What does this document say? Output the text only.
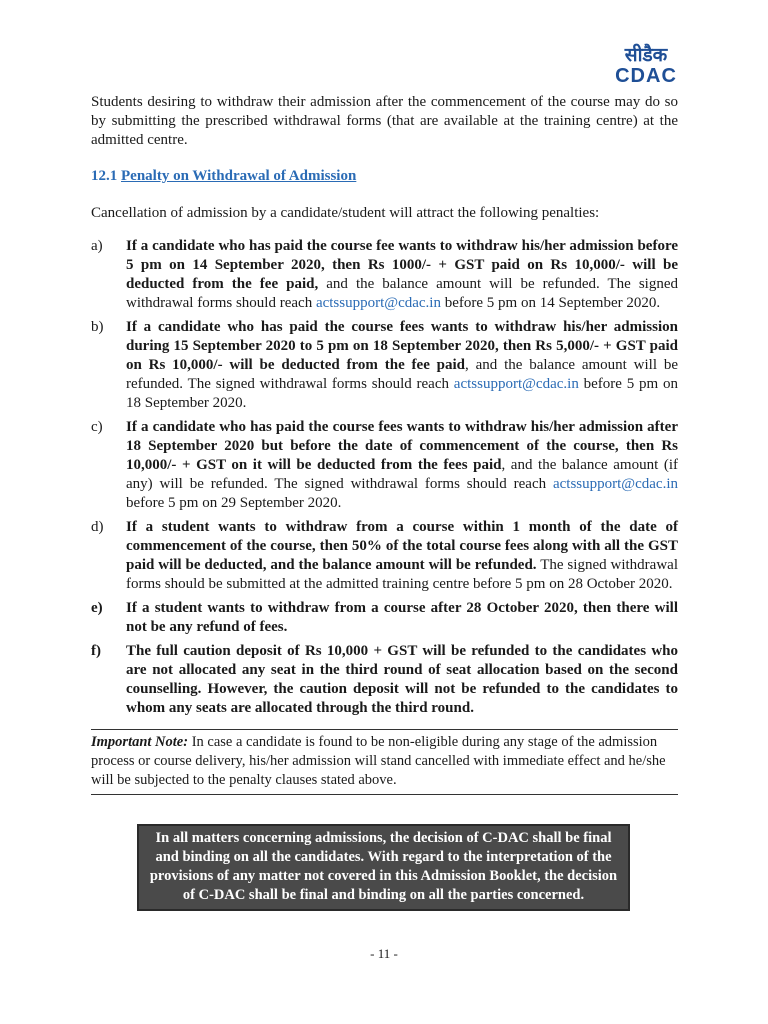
सीडैक
CDAC

Students desiring to withdraw their admission after the commencement of the course may do so by submitting the prescribed withdrawal forms (that are available at the training centre) at the admitted centre.

12.1 Penalty on Withdrawal of Admission

Cancellation of admission by a candidate/student will attract the following penalties:

a)	If a candidate who has paid the course fee wants to withdraw his/her admission before 5 pm on 14 September 2020, then Rs 1000/- + GST paid on Rs 10,000/- will be deducted from the fee paid, and the balance amount will be refunded. The signed withdrawal forms should reach actssupport@cdac.in before 5 pm on 14 September 2020.
b)	If a candidate who has paid the course fees wants to withdraw his/her admission during 15 September 2020 to 5 pm on 18 September 2020, then Rs 5,000/- + GST paid on Rs 10,000/- will be deducted from the fee paid, and the balance amount will be refunded. The signed withdrawal forms should reach actssupport@cdac.in before 5 pm on 18 September 2020.
c)	If a candidate who has paid the course fees wants to withdraw his/her admission after 18 September 2020 but before the date of commencement of the course, then Rs 10,000/- + GST on it will be deducted from the fees paid, and the balance amount (if any) will be refunded. The signed withdrawal forms should reach actssupport@cdac.in before 5 pm on 29 September 2020.
d)	If a student wants to withdraw from a course within 1 month of the date of commencement of the course, then 50% of the total course fees along with all the GST paid will be deducted, and the balance amount will be refunded. The signed withdrawal forms should be submitted at the admitted training centre before 5 pm on 28 October 2020.
e)	If a student wants to withdraw from a course after 28 October 2020, then there will not be any refund of fees.
f)	The full caution deposit of Rs 10,000 + GST will be refunded to the candidates who are not allocated any seat in the third round of seat allocation based on the second counselling. However, the caution deposit will not be refunded to the candidates to whom any seats are allocated through the third round.
Important Note: In case a candidate is found to be non-eligible during any stage of the admission process or course delivery, his/her admission will stand cancelled with immediate effect and he/she will be subjected to the penalty clauses stated above.
In all matters concerning admissions, the decision of C-DAC shall be final and binding on all the candidates. With regard to the interpretation of the provisions of any matter not covered in this Admission Booklet, the decision of C-DAC shall be final and binding on all the parties concerned.
- 11 -
